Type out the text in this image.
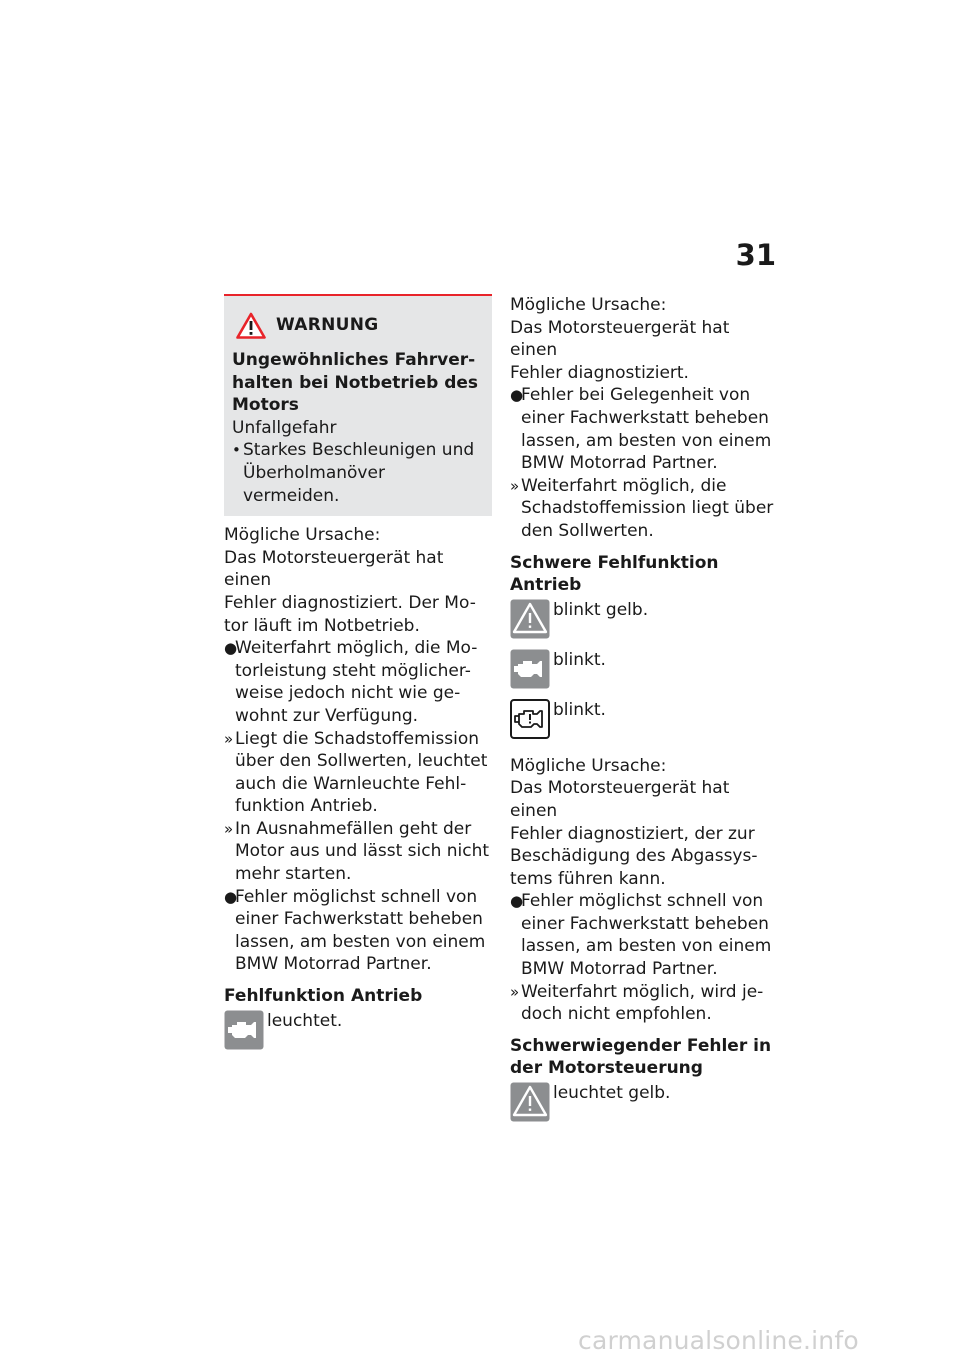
31
WARNUNG

Ungewöhnliches Fahrver-
halten bei Notbetrieb des
Motors

Unfallgefahr

• Starkes Beschleunigen und
Überholmanöver vermeiden.

Mögliche Ursache:
Das Motorsteuergerät hat einen
Fehler diagnostiziert. Der Mo-
tor läuft im Notbetrieb.

●
Weiterfahrt möglich, die Mo-
torleistung steht möglicher-
weise jedoch nicht wie ge-
wohnt zur Verfügung.
» Liegt die Schadstoffemission
über den Sollwerten, leuchtet
auch die Warnleuchte Fehl-
funktion Antrieb.
» In Ausnahmefällen geht der
Motor aus und lässt sich nicht
mehr starten.
●
Fehler möglichst schnell von
einer Fachwerkstatt beheben
lassen, am besten von einem
BMW Motorrad Partner.

Fehlfunktion Antrieb

leuchtet.

Mögliche Ursache:
Das Motorsteuergerät hat einen
Fehler diagnostiziert.

●
Fehler bei Gelegenheit von
einer Fachwerkstatt beheben
lassen, am besten von einem
BMW Motorrad Partner.
» Weiterfahrt möglich, die
Schadstoffemission liegt über
den Sollwerten.

Schwere Fehlfunktion Antrieb

blinkt gelb.
blinkt.
blinkt.

Mögliche Ursache:
Das Motorsteuergerät hat einen
Fehler diagnostiziert, der zur
Beschädigung des Abgassys-
tems führen kann.

●
Fehler möglichst schnell von
einer Fachwerkstatt beheben
lassen, am besten von einem
BMW Motorrad Partner.
» Weiterfahrt möglich, wird je-
doch nicht empfohlen.

Schwerwiegender Fehler in
der Motorsteuerung

leuchtet gelb.
carmanualsonline.info
